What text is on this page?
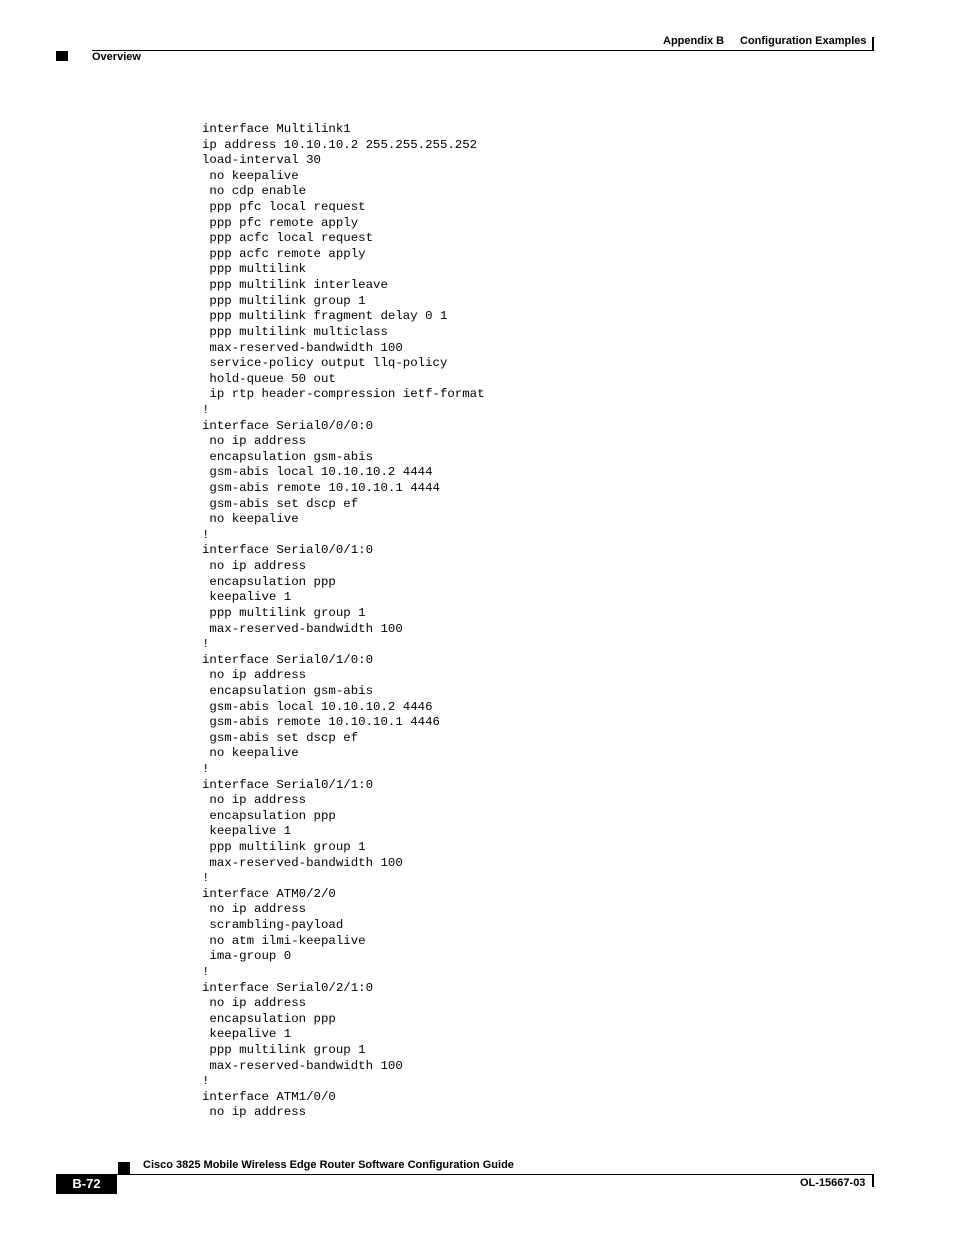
Appendix B Configuration Examples
Overview
interface Multilink1
ip address 10.10.10.2 255.255.255.252
load-interval 30
no keepalive
no cdp enable
ppp pfc local request
ppp pfc remote apply
ppp acfc local request
ppp acfc remote apply
ppp multilink
ppp multilink interleave
ppp multilink group 1
ppp multilink fragment delay 0 1
ppp multilink multiclass
max-reserved-bandwidth 100
service-policy output llq-policy
hold-queue 50 out
ip rtp header-compression ietf-format
!
interface Serial0/0/0:0
no ip address
encapsulation gsm-abis
gsm-abis local 10.10.10.2 4444
gsm-abis remote 10.10.10.1 4444
gsm-abis set dscp ef
no keepalive
!
interface Serial0/0/1:0
no ip address
encapsulation ppp
keepalive 1
ppp multilink group 1
max-reserved-bandwidth 100
!
interface Serial0/1/0:0
no ip address
encapsulation gsm-abis
gsm-abis local 10.10.10.2 4446
gsm-abis remote 10.10.10.1 4446
gsm-abis set dscp ef
no keepalive
!
interface Serial0/1/1:0
no ip address
encapsulation ppp
keepalive 1
ppp multilink group 1
max-reserved-bandwidth 100
!
interface ATM0/2/0
no ip address
scrambling-payload
no atm ilmi-keepalive
ima-group 0
!
interface Serial0/2/1:0
no ip address
encapsulation ppp
keepalive 1
ppp multilink group 1
max-reserved-bandwidth 100
!
interface ATM1/0/0
no ip address
Cisco 3825 Mobile Wireless Edge Router Software Configuration Guide
B-72	OL-15667-03
